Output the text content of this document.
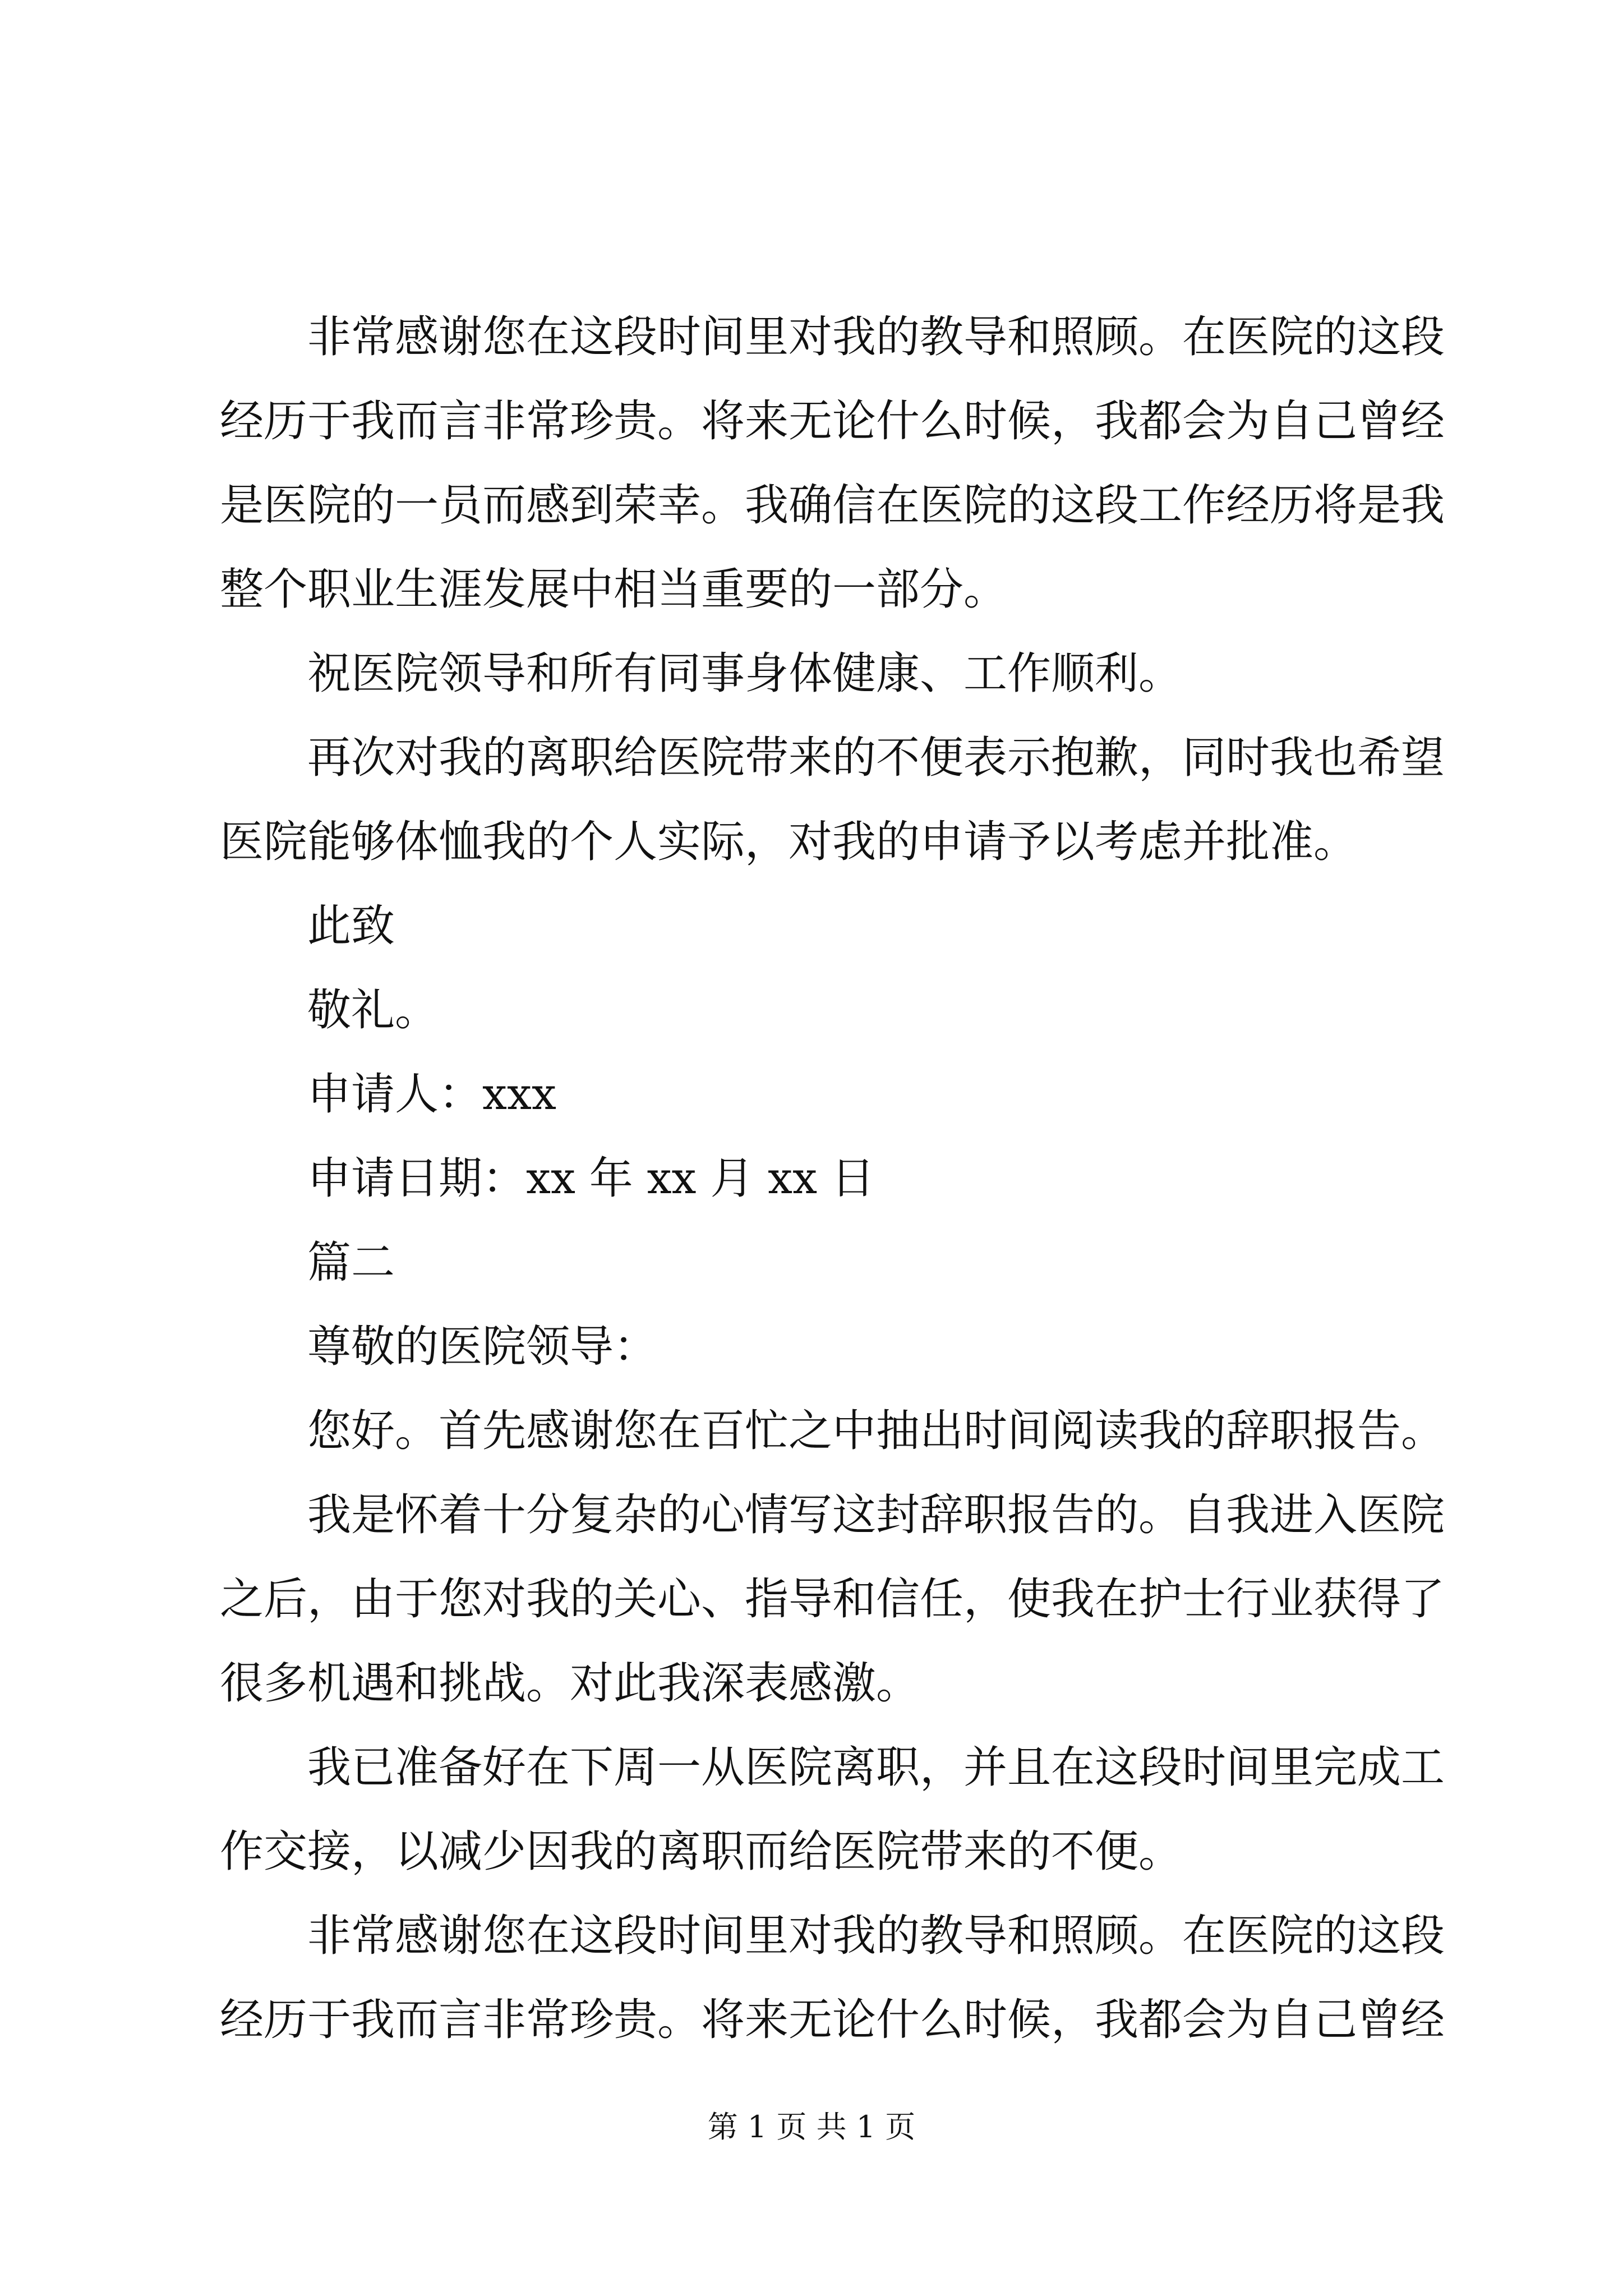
非常感谢您在这段时间里对我的教导和照顾。在医院的这段
经历于我而言非常珍贵。将来无论什么时候，我都会为自己曾经
是医院的一员而感到荣幸。我确信在医院的这段工作经历将是我
整个职业生涯发展中相当重要的一部分。

祝医院领导和所有同事身体健康、工作顺利。

再次对我的离职给医院带来的不便表示抱歉，同时我也希望
医院能够体恤我的个人实际，对我的申请予以考虑并批准。

此致

敬礼。

申请人：xxx

申请日期：xx 年 xx 月 xx 日

篇二

尊敬的医院领导：

您好。首先感谢您在百忙之中抽出时间阅读我的辞职报告。

我是怀着十分复杂的心情写这封辞职报告的。自我进入医院
之后，由于您对我的关心、指导和信任，使我在护士行业获得了
很多机遇和挑战。对此我深表感激。

我已准备好在下周一从医院离职，并且在这段时间里完成工
作交接，以减少因我的离职而给医院带来的不便。

非常感谢您在这段时间里对我的教导和照顾。在医院的这段
经历于我而言非常珍贵。将来无论什么时候，我都会为自己曾经

第 1 页 共 1 页
